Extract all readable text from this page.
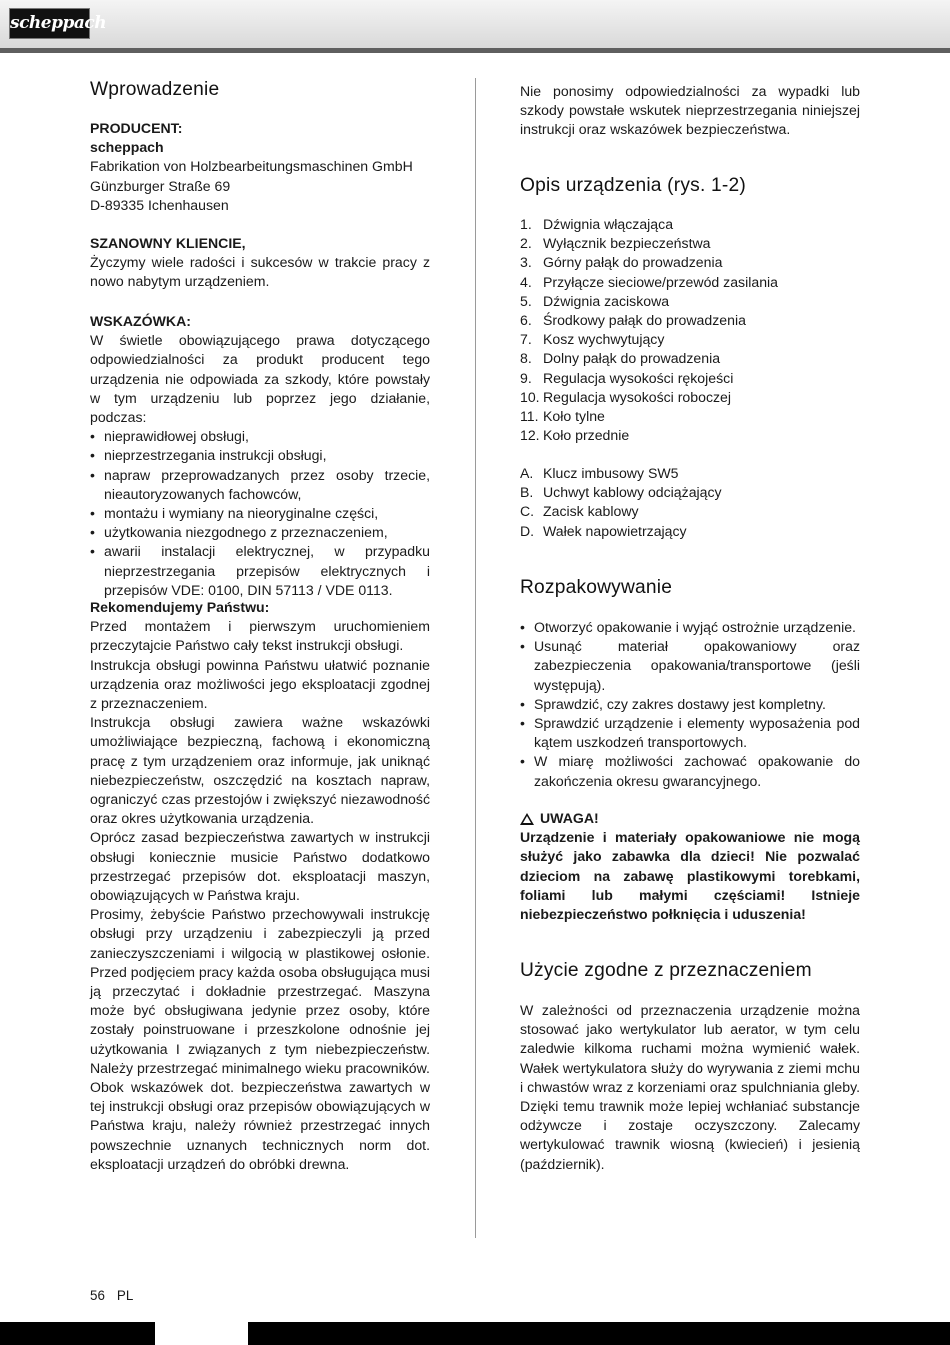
scheppach
Wprowadzenie

PRODUCENT:

scheppach

Fabrikation von Holzbearbeitungsmaschinen GmbH

Günzburger Straße 69

D-89335 Ichenhausen

SZANOWNY KLIENCIE,

Życzymy wiele radości i sukcesów w trakcie pracy z nowo nabytym urządzeniem.

WSKAZÓWKA:

W świetle obowiązującego prawa dotyczącego odpowiedzialności za produkt producent tego urządzenia nie odpowiada za szkody, które powstały w tym urządzeniu lub poprzez jego działanie, podczas:

• nieprawidłowej obsługi,
• nieprzestrzegania instrukcji obsługi,
• napraw przeprowadzanych przez osoby trzecie, nieautoryzowanych fachowców,
• montażu i wymiany na nieoryginalne części,
• użytkowania niezgodnego z przeznaczeniem,
• awarii instalacji elektrycznej, w przypadku nieprzestrzegania przepisów elektrycznych i przepisów VDE: 0100, DIN 57113 / VDE 0113.

Rekomendujemy Państwu:

Przed montażem i pierwszym uruchomieniem przeczytajcie Państwo cały tekst instrukcji obsługi.

Instrukcja obsługi powinna Państwu ułatwić poznanie urządzenia oraz możliwości jego eksploatacji zgodnej z przeznaczeniem.

Instrukcja obsługi zawiera ważne wskazówki umożliwiające bezpieczną, fachową i ekonomiczną pracę z tym urządzeniem oraz informuje, jak uniknąć niebezpieczeństw, oszczędzić na kosztach napraw, ograniczyć czas przestojów i zwiększyć niezawodność oraz okres użytkowania urządzenia.

Oprócz zasad bezpieczeństwa zawartych w instrukcji obsługi koniecznie musicie Państwo dodatkowo przestrzegać przepisów dot. eksploatacji maszyn, obowiązujących w Państwa kraju.

Prosimy, żebyście Państwo przechowywali instrukcję obsługi przy urządzeniu i zabezpieczyli ją przed zanieczyszczeniami i wilgocią w plastikowej osłonie. Przed podjęciem pracy każda osoba obsługująca musi ją przeczytać i dokładnie przestrzegać. Maszyna może być obsługiwana jedynie przez osoby, które zostały poinstruowane i przeszkolone odnośnie jej użytkowania I związanych z tym niebezpieczeństw. Należy przestrzegać minimalnego wieku pracowników.

Obok wskazówek dot. bezpieczeństwa zawartych w tej instrukcji obsługi oraz przepisów obowiązujących w Państwa kraju, należy również przestrzegać innych powszechnie uznanych technicznych norm dot. eksploatacji urządzeń do obróbki drewna.

Nie ponosimy odpowiedzialności za wypadki lub szkody powstałe wskutek nieprzestrzegania niniejszej instrukcji oraz wskazówek bezpieczeństwa.

Opis urządzenia (rys. 1-2)
1. Dźwignia włączająca
2. Wyłącznik bezpieczeństwa
3. Górny pałąk do prowadzenia
4. Przyłącze sieciowe/przewód zasilania
5. Dźwignia zaciskowa
6. Środkowy pałąk do prowadzenia
7. Kosz wychwytujący
8. Dolny pałąk do prowadzenia
9. Regulacja wysokości rękojeści
10. Regulacja wysokości roboczej
11. Koło tylne
12. Koło przednie
A. Klucz imbusowy SW5
B. Uchwyt kablowy odciążający
C. Zacisk kablowy
D. Wałek napowietrzający
Rozpakowywanie
• Otworzyć opakowanie i wyjąć ostrożnie urządzenie.
• Usunąć materiał opakowaniowy oraz zabezpieczenia opakowania/transportowe (jeśli występują).
• Sprawdzić, czy zakres dostawy jest kompletny.
• Sprawdzić urządzenie i elementy wyposażenia pod kątem uszkodzeń transportowych.
• W miarę możliwości zachować opakowanie do zakończenia okresu gwarancyjnego.
UWAGA!

Urządzenie i materiały opakowaniowe nie mogą służyć jako zabawka dla dzieci! Nie pozwalać dzieciom na zabawę plastikowymi torebkami, foliami lub małymi częściami! Istnieje niebezpieczeństwo połknięcia i uduszenia!

Użycie zgodne z przeznaczeniem

W zależności od przeznaczenia urządzenie można stosować jako wertykulator lub aerator, w tym celu zaledwie kilkoma ruchami można wymienić wałek. Wałek wertykulatora służy do wyrywania z ziemi mchu i chwastów wraz z korzeniami oraz spulchniania gleby. Dzięki temu trawnik może lepiej wchłaniać substancje odżywcze i zostaje oczyszczony. Zalecamy wertykulować trawnik wiosną (kwiecień) i jesienią (październik).

56 PL
